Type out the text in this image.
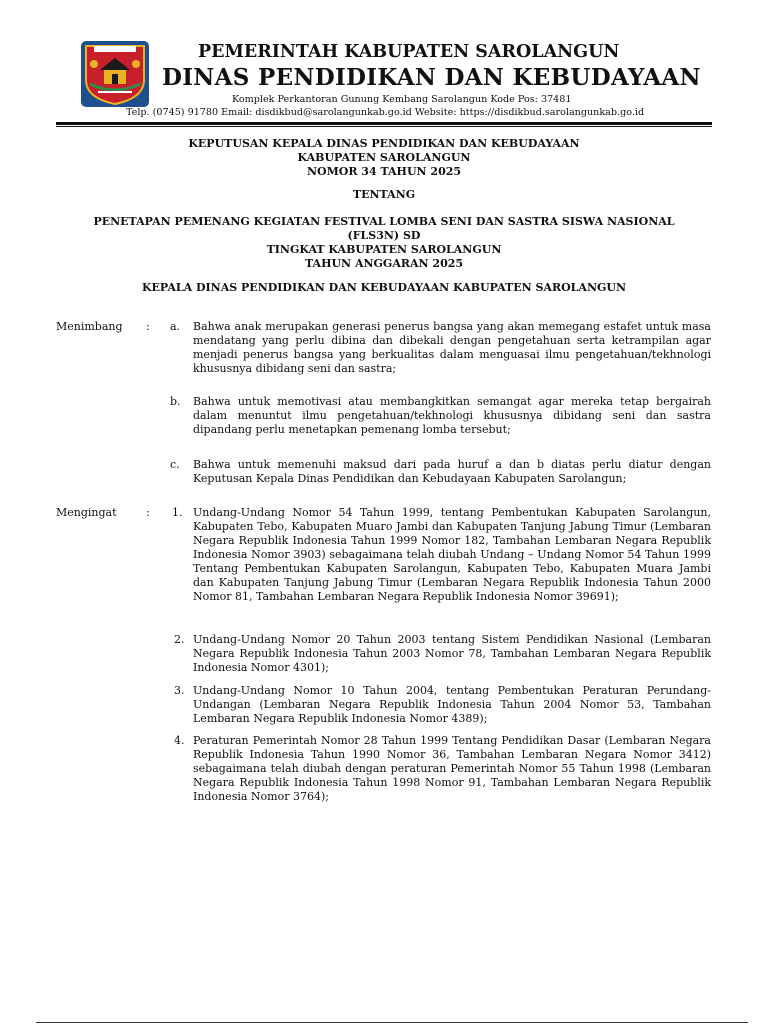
PEMERINTAH KABUPATEN SAROLANGUN
DINAS PENDIDIKAN DAN KEBUDAYAAN
Komplek Perkantoran Gunung Kembang Sarolangun Kode Pos: 37481
Telp. (0745) 91780 Email: disdikbud@sarolangunkab.go.id Website: https://disdikbud.sarolangunkab.go.id
KEPUTUSAN KEPALA DINAS PENDIDIKAN DAN KEBUDAYAAN
KABUPATEN SAROLANGUN
NOMOR 34 TAHUN 2025
TENTANG
PENETAPAN PEMENANG KEGIATAN FESTIVAL LOMBA SENI DAN SASTRA SISWA NASIONAL
(FLS3N) SD
TINGKAT KABUPATEN SAROLANGUN
TAHUN ANGGARAN 2025
KEPALA DINAS PENDIDIKAN DAN KEBUDAYAAN KABUPATEN SAROLANGUN
Menimbang : a. Bahwa anak merupakan generasi penerus bangsa yang akan memegang estafet untuk masa mendatang yang perlu dibina dan dibekali dengan pengetahuan serta ketrampilan agar menjadi penerus bangsa yang berkualitas dalam menguasai ilmu pengetahuan/tekhnologi khususnya dibidang seni dan sastra;
b. Bahwa untuk memotivasi atau membangkitkan semangat agar mereka tetap bergairah dalam menuntut ilmu pengetahuan/tekhnologi khususnya dibidang seni dan sastra dipandang perlu menetapkan pemenang lomba tersebut;
c. Bahwa untuk memenuhi maksud dari pada huruf a dan b diatas perlu diatur dengan Keputusan Kepala Dinas Pendidikan dan Kebudayaan Kabupaten Sarolangun;
Mengingat	: 1. Undang-Undang Nomor 54 Tahun 1999, tentang Pembentukan Kabupaten Sarolangun, Kabupaten Tebo, Kabupaten Muaro Jambi dan Kabupaten Tanjung Jabung Timur (Lembaran Negara Republik Indonesia Tahun 1999 Nomor 182, Tambahan Lembaran Negara Republik Indonesia Nomor 3903) sebagaimana telah diubah Undang – Undang Nomor 54 Tahun 1999 Tentang Pembentukan Kabupaten Sarolangun, Kabupaten Tebo, Kabupaten Muara Jambi dan Kabupaten Tanjung Jabung Timur (Lembaran Negara Republik Indonesia Tahun 2000 Nomor 81, Tambahan Lembaran Negara Republik Indonesia Nomor 39691);
2. Undang-Undang Nomor 20 Tahun 2003 tentang Sistem Pendidikan Nasional (Lembaran Negara Republik Indonesia Tahun 2003 Nomor 78, Tambahan Lembaran Negara Republik Indonesia Nomor 4301);
3. Undang-Undang Nomor 10 Tahun 2004, tentang Pembentukan Peraturan Perundang-Undangan (Lembaran Negara Republik Indonesia Tahun 2004 Nomor 53, Tambahan Lembaran Negara Republik Indonesia Nomor 4389);
4. Peraturan Pemerintah Nomor 28 Tahun 1999 Tentang Pendidikan Dasar (Lembaran Negara Republik Indonesia Tahun 1990 Nomor 36, Tambahan Lembaran Negara Nomor 3412) sebagaimana telah diubah dengan peraturan Pemerintah Nomor 55 Tahun 1998 (Lembaran Negara Republik Indonesia Tahun 1998 Nomor 91, Tambahan Lembaran Negara Republik Indonesia Nomor 3764);
